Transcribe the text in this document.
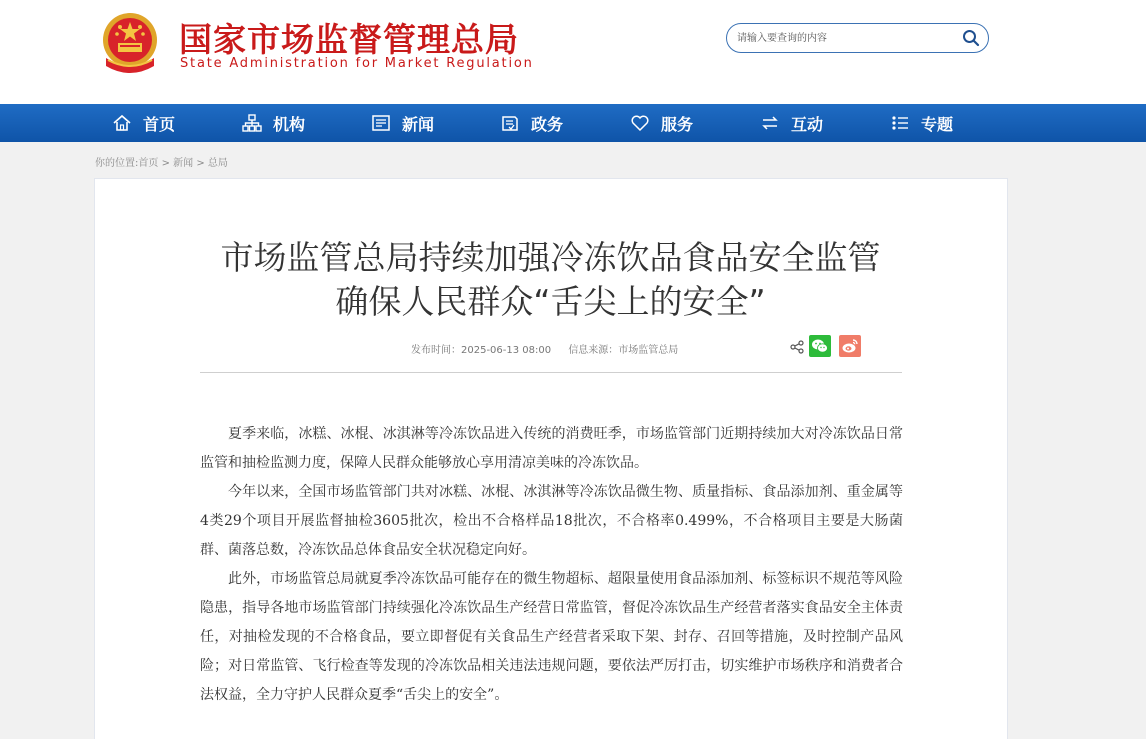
国家市场监督管理总局
State Administration for Market Regulation
请输入要查询的内容
首页	机构	新闻	政务	服务	互动	专题
你的位置:首页 > 新闻 > 总局
市场监管总局持续加强冷冻饮品食品安全监管
确保人民群众“舌尖上的安全”
发布时间：2025-06-13 08:00 信息来源：市场监管总局

夏季来临，冰糕、冰棍、冰淇淋等冷冻饮品进入传统的消费旺季，市场监管部门近期持续加大对冷冻饮品日常监管和抽检监测力度，保障人民群众能够放心享用清凉美味的冷冻饮品。

今年以来，全国市场监管部门共对冰糕、冰棍、冰淇淋等冷冻饮品微生物、质量指标、食品添加剂、重金属等4类29个项目开展监督抽检3605批次，检出不合格样品18批次，不合格率0.499%，不合格项目主要是大肠菌群、菌落总数，冷冻饮品总体食品安全状况稳定向好。

此外，市场监管总局就夏季冷冻饮品可能存在的微生物超标、超限量使用食品添加剂、标签标识不规范等风险隐患，指导各地市场监管部门持续强化冷冻饮品生产经营日常监管，督促冷冻饮品生产经营者落实食品安全主体责任，对抽检发现的不合格食品，要立即督促有关食品生产经营者采取下架、封存、召回等措施，及时控制产品风险；对日常监管、飞行检查等发现的冷冻饮品相关违法违规问题，要依法严厉打击，切实维护市场秩序和消费者合法权益，全力守护人民群众夏季“舌尖上的安全”。
